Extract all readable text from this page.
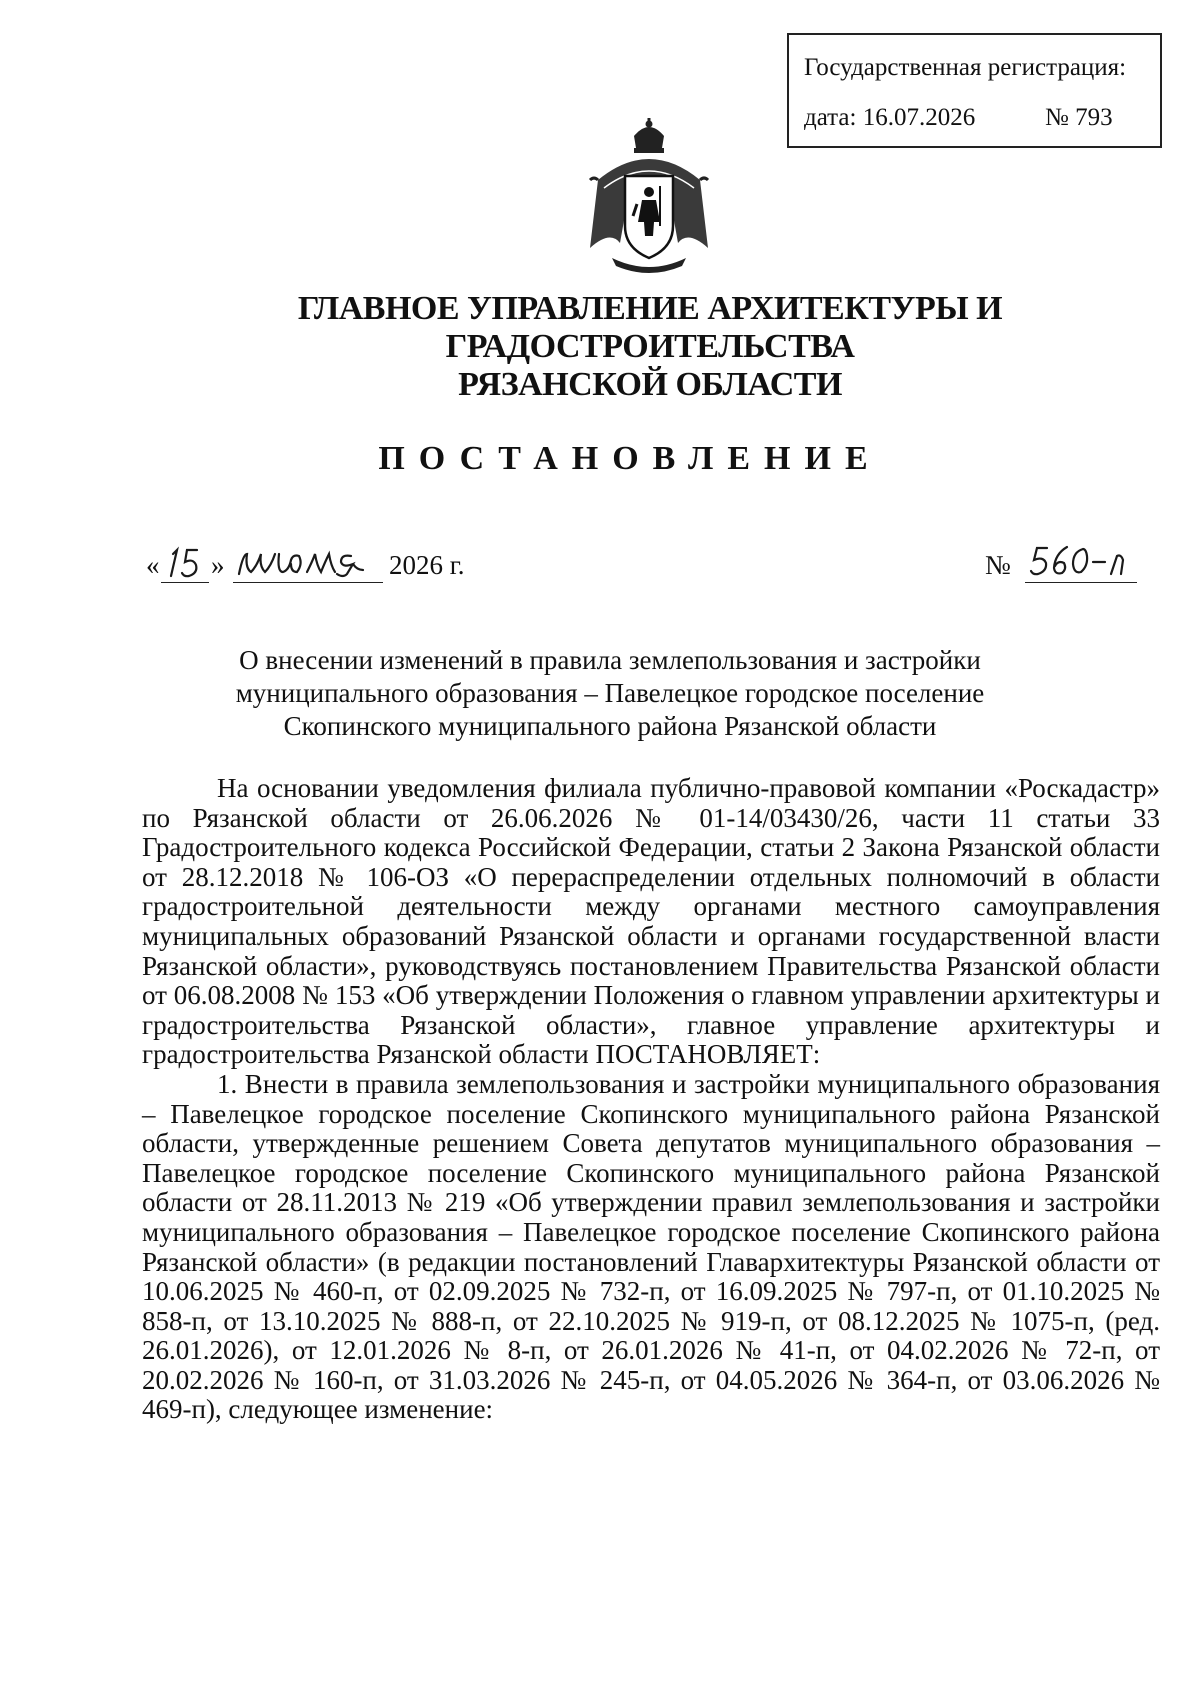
Государственная регистрация:
дата: 16.07.2026	№ 793
ГЛАВНОЕ УПРАВЛЕНИЕ АРХИТЕКТУРЫ И ГРАДОСТРОИТЕЛЬСТВА
РЯЗАНСКОЙ ОБЛАСТИ
ПОСТАНОВЛЕНИЕ
« »	2026 г.	№
О внесении изменений в правила землепользования и застройки
муниципального образования – Павелецкое городское поселение
Скопинского муниципального района Рязанской области

На основании уведомления филиала публично-правовой компании «Роскадастр» по Рязанской области от 26.06.2026 № 01-14/03430/26, части 11 статьи 33 Градостроительного кодекса Российской Федерации, статьи 2 Закона Рязанской области от 28.12.2018 № 106-ОЗ «О перераспределении отдельных полномочий в области градостроительной деятельности между органами местного самоуправления муниципальных образований Рязанской области и органами государственной власти Рязанской области», руководствуясь постановлением Правительства Рязанской области от 06.08.2008 № 153 «Об утверждении Положения о главном управлении архитектуры и градостроительства Рязанской области», главное управление архитектуры и градостроительства Рязанской области ПОСТАНОВЛЯЕТ:

1. Внести в правила землепользования и застройки муниципального образования – Павелецкое городское поселение Скопинского муниципального района Рязанской области, утвержденные решением Совета депутатов муниципального образования – Павелецкое городское поселение Скопинского муниципального района Рязанской области от 28.11.2013 № 219 «Об утверждении правил землепользования и застройки муниципального образования – Павелецкое городское поселение Скопинского района Рязанской области» (в редакции постановлений Главархитектуры Рязанской области от 10.06.2025 № 460-п, от 02.09.2025 № 732-п, от 16.09.2025 № 797-п, от 01.10.2025 № 858-п, от 13.10.2025 № 888-п, от 22.10.2025 № 919-п, от 08.12.2025 № 1075-п, (ред. 26.01.2026), от 12.01.2026 № 8-п, от 26.01.2026 № 41-п, от 04.02.2026 № 72-п, от 20.02.2026 № 160-п, от 31.03.2026 № 245-п, от 04.05.2026 № 364-п, от 03.06.2026 № 469-п), следующее изменение:
